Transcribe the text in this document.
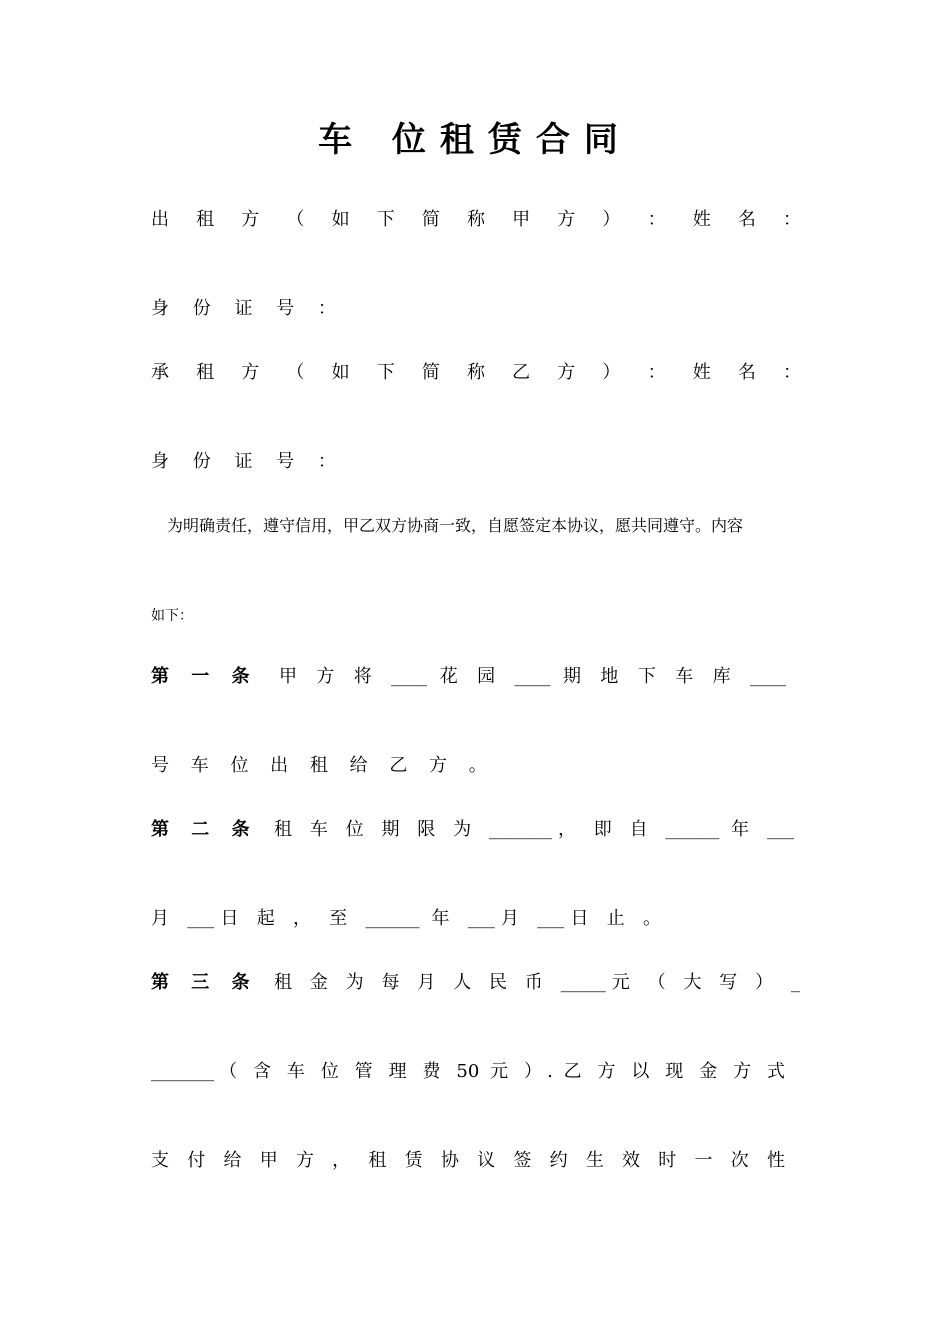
车 位租赁合同
出 租 方 （ 如 下 简 称 甲 方 ） ： 姓 名 ：
身 份 证 号 ：
承 租 方 （ 如 下 简 称 乙 方 ） ： 姓 名 ：
身 份 证 号 ：
为明确责任，遵守信用，甲乙双方协商一致，自愿签定本协议，愿共同遵守。内容
如下：
第 一 条 甲 方 将 ____ 花 园 ____ 期 地 下 车 库 ____
号 车 位 出 租 给 乙 方 。
第 二 条 租 车 位 期 限 为 _______， 即 自 ______ 年 ___
月 ___日 起 ， 至 ______ 年 ___月 ___日 止 。
第 三 条 租 金 为 每 月 人 民 币 _____元 （ 大 写 ） _
_______（ 含 车 位 管 理 费 50 元 ）. 乙 方 以 现 金 方 式
支 付 给 甲 方 ， 租 赁 协 议 签 约 生 效 时 一 次 性
